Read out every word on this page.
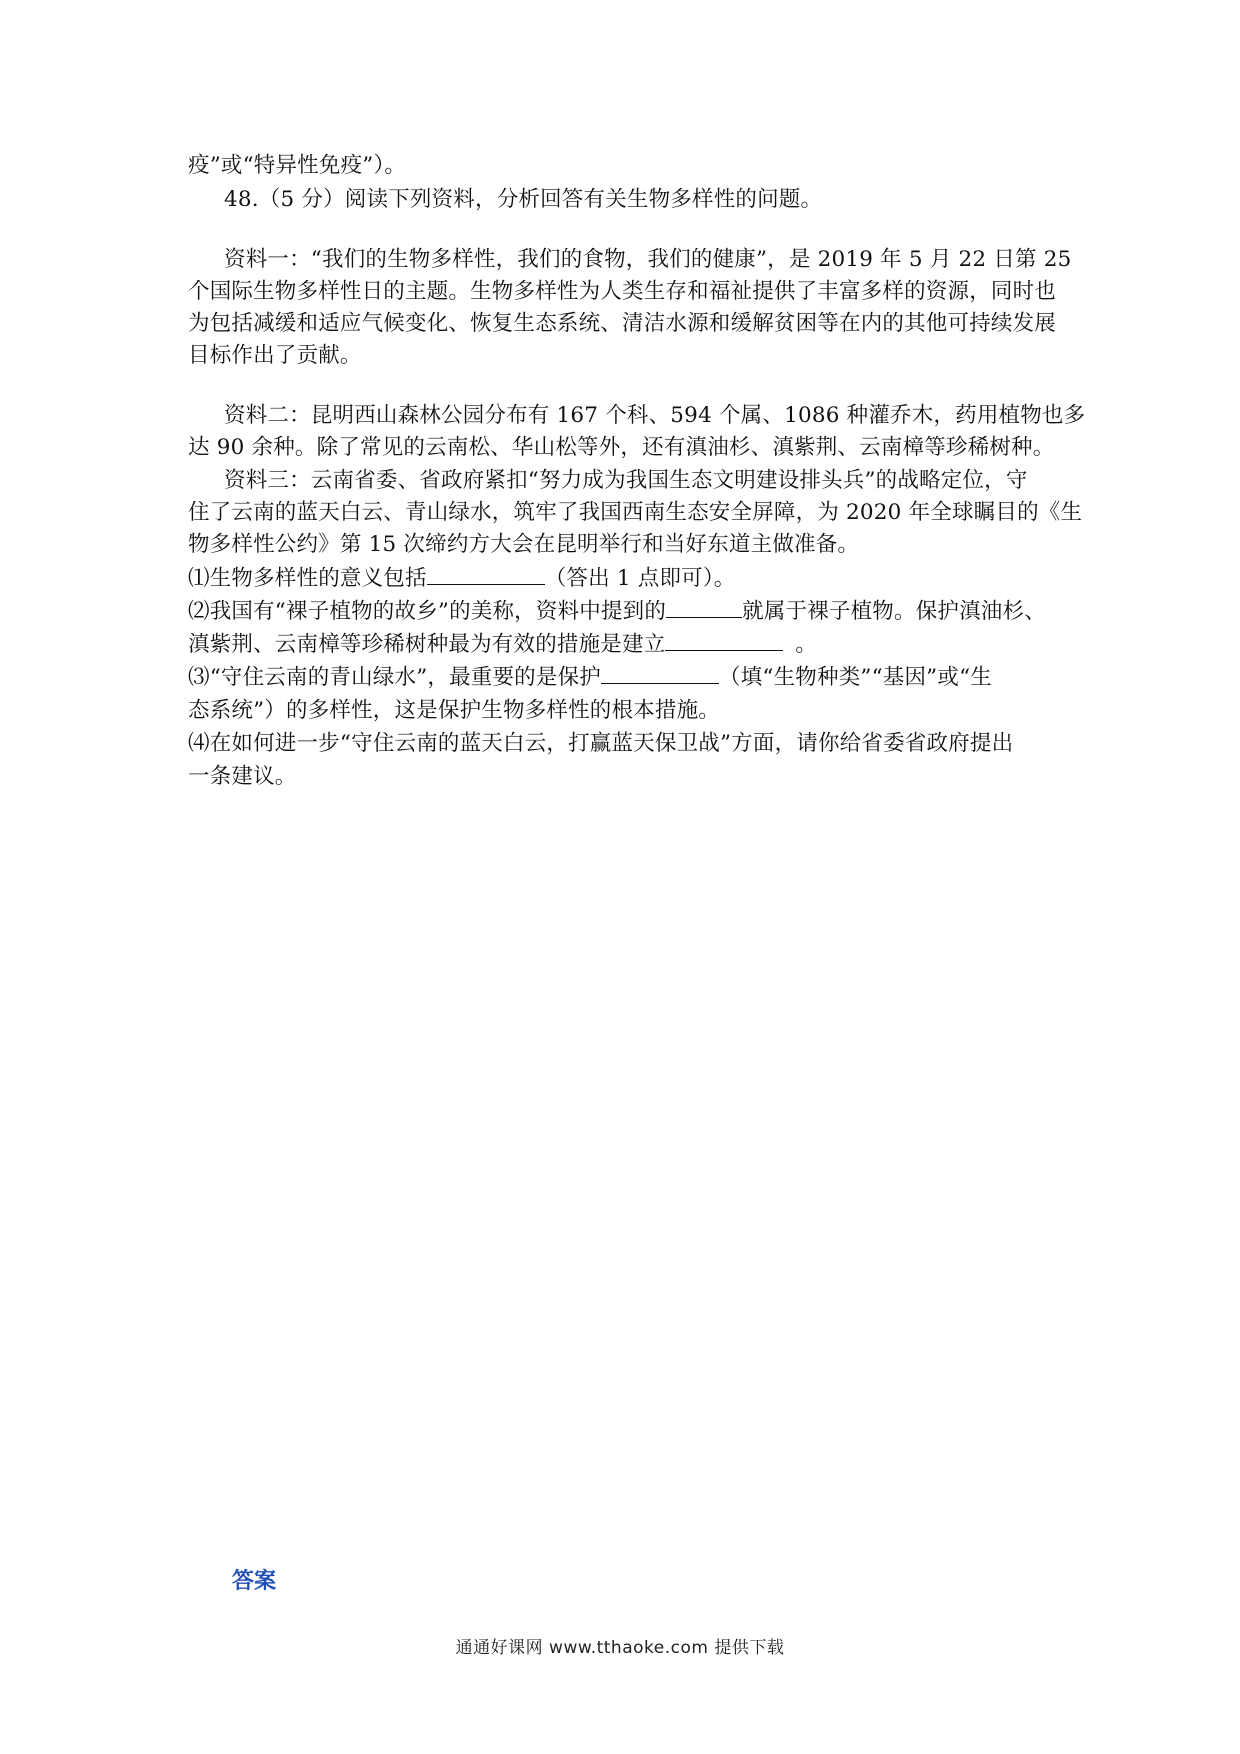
疫”或“特异性免疫”）。
48.（5 分）阅读下列资料，分析回答有关生物多样性的问题。
资料一：“我们的生物多样性，我们的食物，我们的健康”，是 2019 年 5 月 22 日第 25
个国际生物多样性日的主题。生物多样性为人类生存和福祉提供了丰富多样的资源，同时也
为包括减缓和适应气候变化、恢复生态系统、清洁水源和缓解贫困等在内的其他可持续发展
目标作出了贡献。
资料二：昆明西山森林公园分布有 167 个科、594 个属、1086 种灌乔木，药用植物也多
达 90 余种。除了常见的云南松、华山松等外，还有滇油杉、滇紫荆、云南樟等珍稀树种。
资料三：云南省委、省政府紧扣“努力成为我国生态文明建设排头兵”的战略定位，守
住了云南的蓝天白云、青山绿水，筑牢了我国西南生态安全屏障，为 2020 年全球瞩目的《生
物多样性公约》第 15 次缔约方大会在昆明举行和当好东道主做准备。
⑴生物多样性的意义包括	（答出 1 点即可）。
⑵我国有“裸子植物的故乡”的美称，资料中提到的	就属于裸子植物。保护滇油杉、
滇紫荆、云南樟等珍稀树种最为有效的措施是建立	。
⑶“守住云南的青山绿水”，最重要的是保护	（填“生物种类”“基因”或“生
态系统”）的多样性，这是保护生物多样性的根本措施。
⑷在如何进一步“守住云南的蓝天白云，打赢蓝天保卫战”方面，请你给省委省政府提出
一条建议。
答案
通通好课网 www.tthaoke.com 提供下载
